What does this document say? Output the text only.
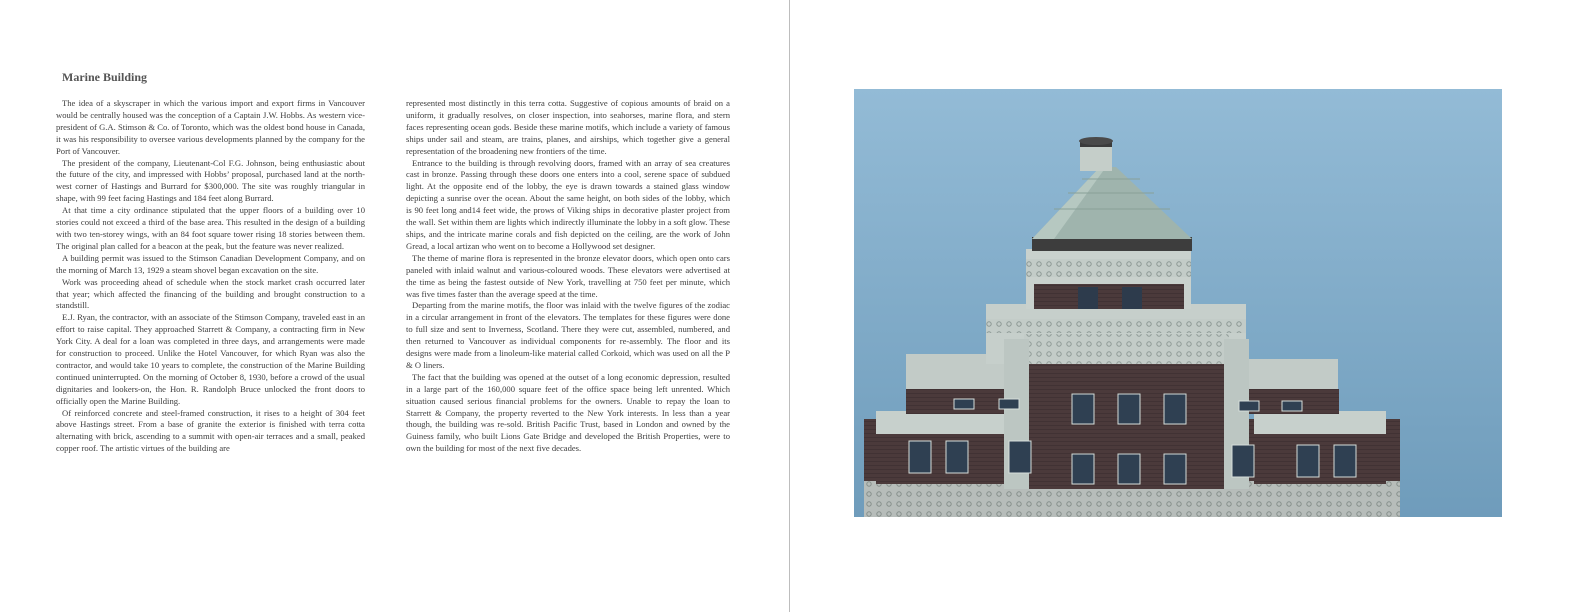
Marine Building

The idea of a skyscraper in which the various import and export firms in Vancouver would be centrally housed was the conception of a Captain J.W. Hobbs. As western vice-president of G.A. Stimson & Co. of Toronto, which was the oldest bond house in Canada, it was his responsibility to oversee various developments planned by the company for the Port of Vancouver.

The president of the company, Lieutenant-Col F.G. Johnson, being enthusiastic about the future of the city, and impressed with Hobbs’ proposal, purchased land at the north-west corner of Hastings and Burrard for $300,000. The site was roughly triangular in shape, with 99 feet facing Hastings and 184 feet along Burrard.

At that time a city ordinance stipulated that the upper floors of a building over 10 stories could not exceed a third of the base area. This resulted in the design of a building with two ten-storey wings, with an 84 foot square tower rising 18 stories between them. The original plan called for a beacon at the peak, but the feature was never realized.

A building permit was issued to the Stimson Canadian Development Company, and on the morning of March 13, 1929 a steam shovel began excavation on the site.

Work was proceeding ahead of schedule when the stock market crash occurred later that year; which affected the financing of the building and brought construction to a standstill.

E.J. Ryan, the contractor, with an associate of the Stimson Company, traveled east in an effort to raise capital. They approached Starrett & Company, a contracting firm in New York City. A deal for a loan was completed in three days, and arrangements were made for construction to proceed. Unlike the Hotel Vancouver, for which Ryan was also the contractor, and would take 10 years to complete, the construction of the Marine Building continued uninterrupted. On the morning of October 8, 1930, before a crowd of the usual dignitaries and lookers-on, the Hon. R. Randolph Bruce unlocked the front doors to officially open the Marine Building.

Of reinforced concrete and steel-framed construction, it rises to a height of 304 feet above Hastings street. From a base of granite the exterior is finished with terra cotta alternating with brick, ascending to a summit with open-air terraces and a small, peaked copper roof. The artistic virtues of the building are

represented most distinctly in this terra cotta. Suggestive of copious amounts of braid on a uniform, it gradually resolves, on closer inspection, into seahorses, marine flora, and stern faces representing ocean gods. Beside these marine motifs, which include a variety of famous ships under sail and steam, are trains, planes, and airships, which together give a general representation of the broadening new frontiers of the time.

Entrance to the building is through revolving doors, framed with an array of sea creatures cast in bronze. Passing through these doors one enters into a cool, serene space of subdued light. At the opposite end of the lobby, the eye is drawn towards a stained glass window depicting a sunrise over the ocean. About the same height, on both sides of the lobby, which is 90 feet long and14 feet wide, the prows of Viking ships in decorative plaster project from the wall. Set within them are lights which indirectly illuminate the lobby in a soft glow. These ships, and the intricate marine corals and fish depicted on the ceiling, are the work of John Gread, a local artizan who went on to become a Hollywood set designer.

The theme of marine flora is represented in the bronze elevator doors, which open onto cars paneled with inlaid walnut and various-coloured woods. These elevators were advertised at the time as being the fastest outside of New York, travelling at 750 feet per minute, which was five times faster than the average speed at the time.

Departing from the marine motifs, the floor was inlaid with the twelve figures of the zodiac in a circular arrangement in front of the elevators. The templates for these figures were done to full size and sent to Inverness, Scotland. There they were cut, assembled, numbered, and then returned to Vancouver as individual components for re-assembly. The floor and its designs were made from a linoleum-like material called Corkoid, which was used on all the P & O liners.

The fact that the building was opened at the outset of a long economic depression, resulted in a large part of the 160,000 square feet of the office space being left unrented. Which situation caused serious financial problems for the owners. Unable to repay the loan to Starrett & Company, the property reverted to the New York interests. In less than a year though, the building was re-sold. British Pacific Trust, based in London and owned by the Guiness family, who built Lions Gate Bridge and developed the British Properties, were to own the building for most of the next five decades.
